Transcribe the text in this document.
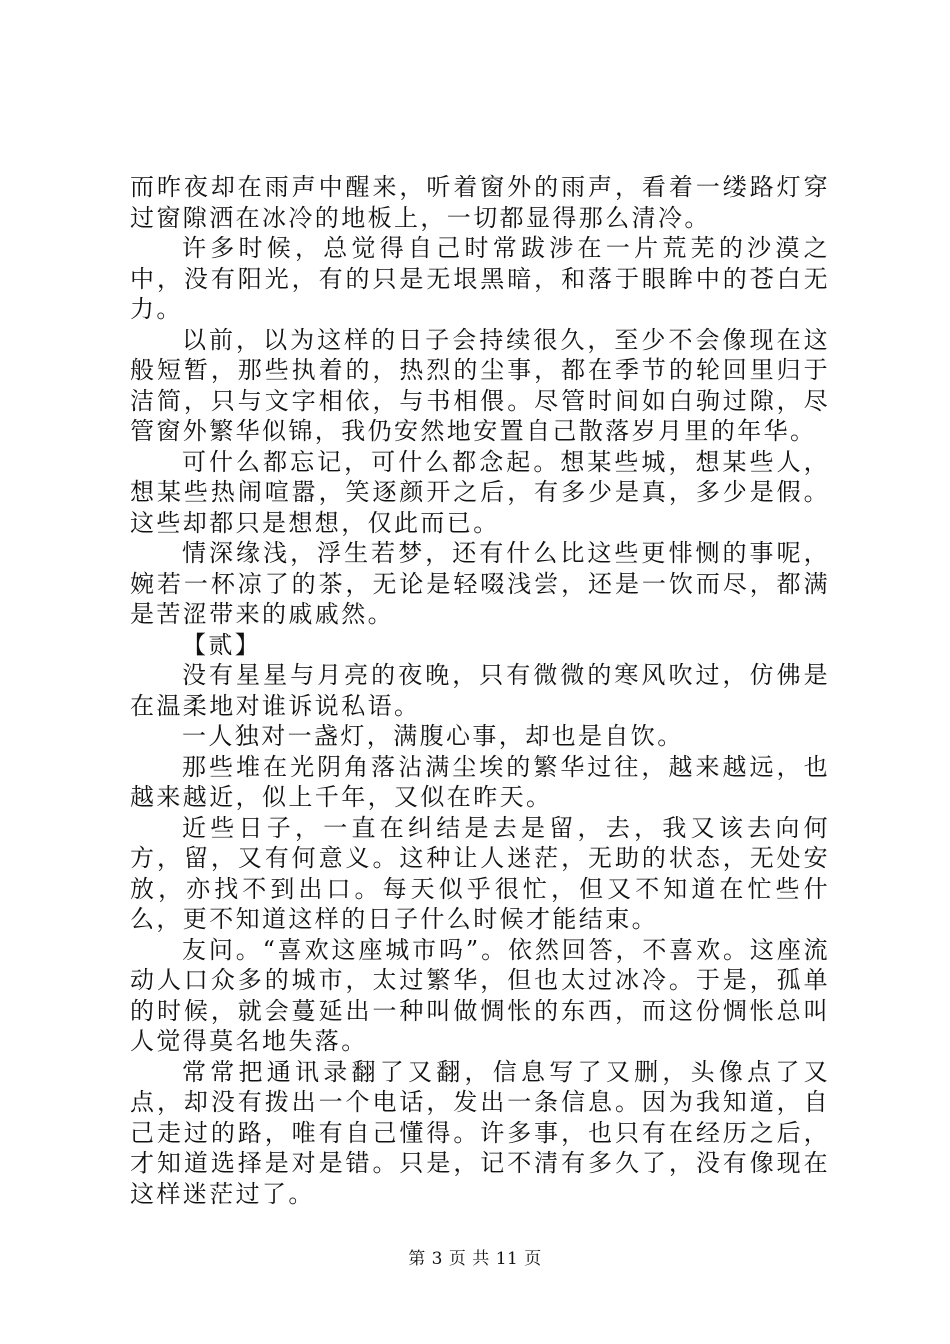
而昨夜却在雨声中醒来，听着窗外的雨声，看着一缕路灯穿过窗隙洒在冰冷的地板上，一切都显得那么清冷。

许多时候，总觉得自己时常跋涉在一片荒芜的沙漠之中，没有阳光，有的只是无垠黑暗，和落于眼眸中的苍白无力。

以前，以为这样的日子会持续很久，至少不会像现在这般短暂，那些执着的，热烈的尘事，都在季节的轮回里归于洁简，只与文字相依，与书相偎。尽管时间如白驹过隙，尽管窗外繁华似锦，我仍安然地安置自己散落岁月里的年华。

可什么都忘记，可什么都念起。想某些城，想某些人，想某些热闹喧嚣，笑逐颜开之后，有多少是真，多少是假。这些却都只是想想，仅此而已。

情深缘浅，浮生若梦，还有什么比这些更悱恻的事呢，婉若一杯凉了的茶，无论是轻啜浅尝，还是一饮而尽，都满是苦涩带来的戚戚然。

【贰】

没有星星与月亮的夜晚，只有微微的寒风吹过，仿佛是在温柔地对谁诉说私语。

一人独对一盏灯，满腹心事，却也是自饮。

那些堆在光阴角落沾满尘埃的繁华过往，越来越远，也越来越近，似上千年，又似在昨天。

近些日子，一直在纠结是去是留，去，我又该去向何方，留，又有何意义。这种让人迷茫，无助的状态，无处安放，亦找不到出口。每天似乎很忙，但又不知道在忙些什么，更不知道这样的日子什么时候才能结束。

友问。“喜欢这座城市吗”。依然回答，不喜欢。这座流动人口众多的城市，太过繁华，但也太过冰冷。于是，孤单的时候，就会蔓延出一种叫做惆怅的东西，而这份惆怅总叫人觉得莫名地失落。

常常把通讯录翻了又翻，信息写了又删，头像点了又点，却没有拨出一个电话，发出一条信息。因为我知道，自己走过的路，唯有自己懂得。许多事，也只有在经历之后，才知道选择是对是错。只是，记不清有多久了，没有像现在这样迷茫过了。

第 3 页 共 11 页
